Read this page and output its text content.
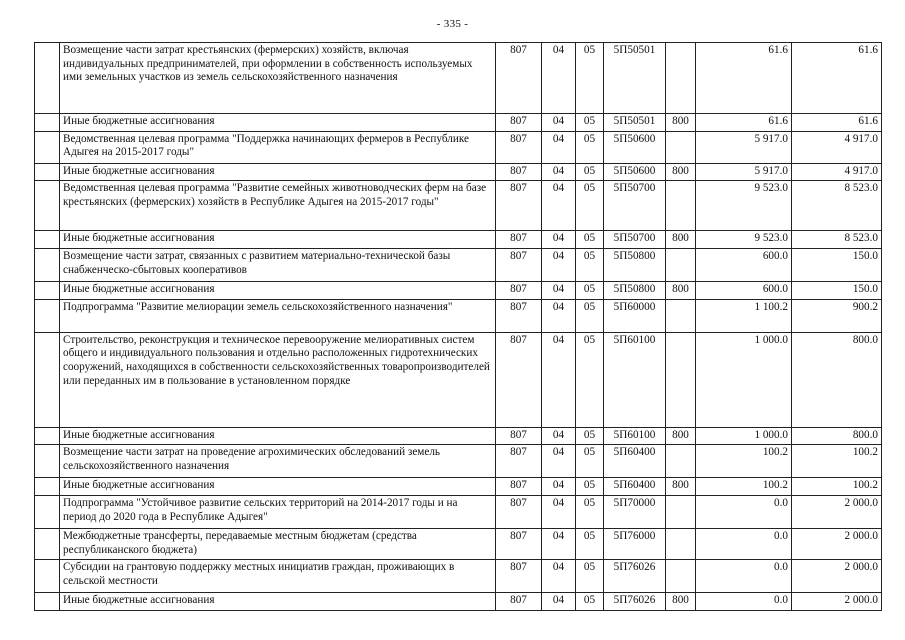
- 335 -
	Возмещение части затрат крестьянских (фермерских) хозяйств, включая индивидуальных предпринимателей, при оформлении в собственность используемых ими земельных участков из земель сельскохозяйственного назначения	807	04	05	5П50501		61.6	61.6
	Иные бюджетные ассигнования	807	04	05	5П50501	800	61.6	61.6
	Ведомственная целевая программа "Поддержка начинающих фермеров в Республике Адыгея на 2015-2017 годы"	807	04	05	5П50600		5 917.0	4 917.0
	Иные бюджетные ассигнования	807	04	05	5П50600	800	5 917.0	4 917.0
	Ведомственная целевая программа "Развитие семейных животноводческих ферм на базе крестьянских (фермерских) хозяйств в Республике Адыгея на 2015-2017 годы"	807	04	05	5П50700		9 523.0	8 523.0
	Иные бюджетные ассигнования	807	04	05	5П50700	800	9 523.0	8 523.0
	Возмещение части затрат, связанных с развитием материально-технической базы снабженческо-сбытовых кооперативов	807	04	05	5П50800		600.0	150.0
	Иные бюджетные ассигнования	807	04	05	5П50800	800	600.0	150.0
	Подпрограмма "Развитие мелиорации земель сельскохозяйственного назначения"	807	04	05	5П60000		1 100.2	900.2
	Строительство, реконструкция и техническое перевооружение мелиоративных систем общего и индивидуального пользования и отдельно расположенных гидротехнических сооружений, находящихся в собственности сельскохозяйственных товаропроизводителей или переданных им в пользование в установленном порядке	807	04	05	5П60100		1 000.0	800.0
	Иные бюджетные ассигнования	807	04	05	5П60100	800	1 000.0	800.0
	Возмещение части затрат на проведение агрохимических обследований земель сельскохозяйственного назначения	807	04	05	5П60400		100.2	100.2
	Иные бюджетные ассигнования	807	04	05	5П60400	800	100.2	100.2
	Подпрограмма "Устойчивое развитие сельских территорий на 2014-2017 годы и на период до 2020 года в Республике Адыгея"	807	04	05	5П70000		0.0	2 000.0
	Межбюджетные трансферты, передаваемые местным бюджетам (средства республиканского бюджета)	807	04	05	5П76000		0.0	2 000.0
	Субсидии на грантовую поддержку местных инициатив граждан, проживающих в сельской местности	807	04	05	5П76026		0.0	2 000.0
	Иные бюджетные ассигнования	807	04	05	5П76026	800	0.0	2 000.0
